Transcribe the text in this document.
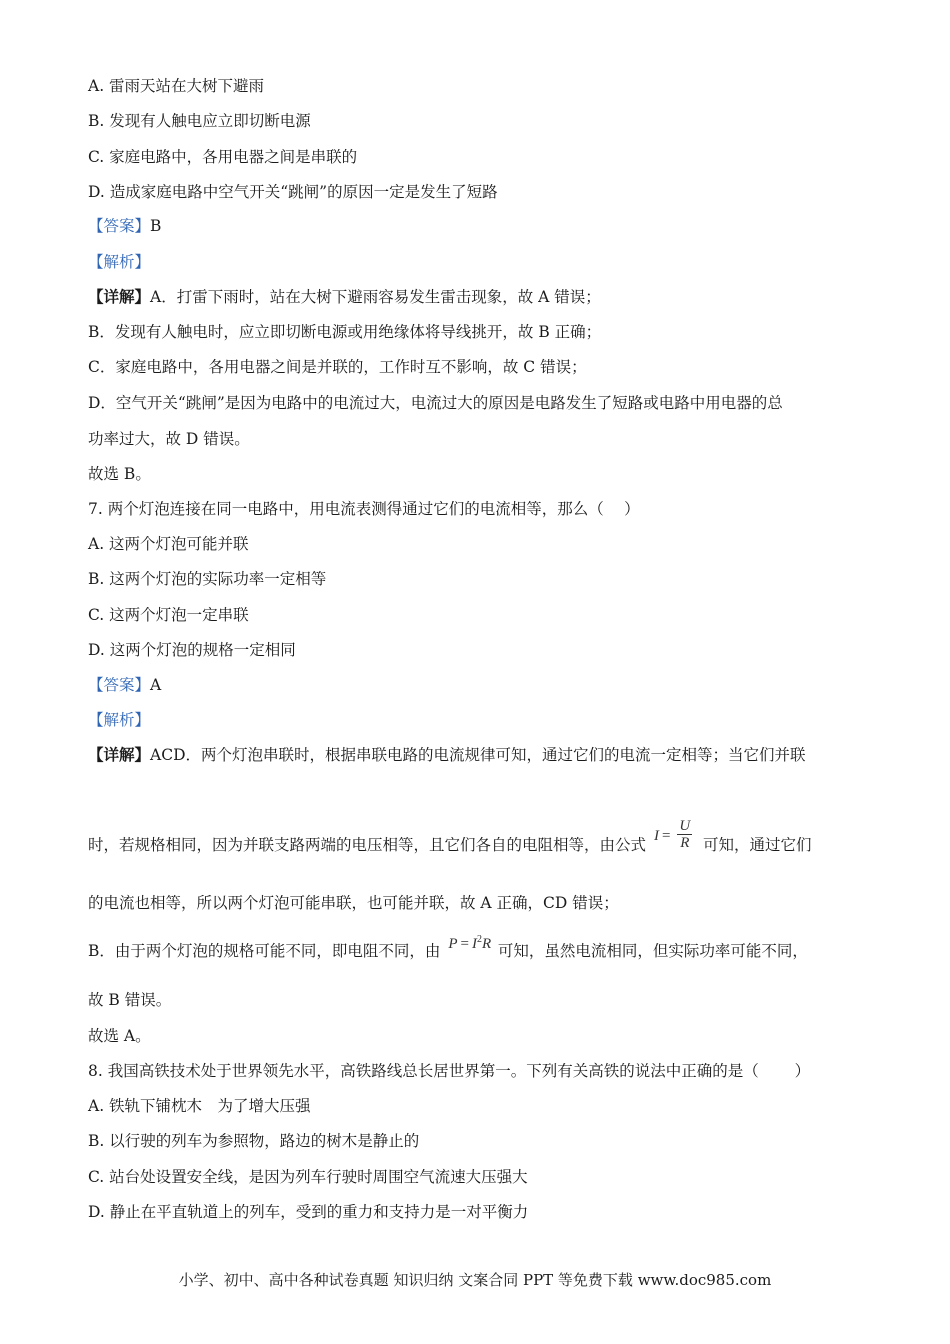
A. 雷雨天站在大树下避雨
B. 发现有人触电应立即切断电源
C. 家庭电路中，各用电器之间是串联的
D. 造成家庭电路中空气开关“跳闸”的原因一定是发生了短路
【答案】B
【解析】
【详解】A．打雷下雨时，站在大树下避雨容易发生雷击现象，故 A 错误；
B．发现有人触电时，应立即切断电源或用绝缘体将导线挑开，故 B 正确；
C．家庭电路中，各用电器之间是并联的，工作时互不影响，故 C 错误；
D．空气开关“跳闸”是因为电路中的电流过大，电流过大的原因是电路发生了短路或电路中用电器的总
功率过大，故 D 错误。
故选 B。
7. 两个灯泡连接在同一电路中，用电流表测得通过它们的电流相等，那么（　 ）
A. 这两个灯泡可能并联
B. 这两个灯泡的实际功率一定相等
C. 这两个灯泡一定串联
D. 这两个灯泡的规格一定相同
【答案】A
【解析】
【详解】ACD．两个灯泡串联时，根据串联电路的电流规律可知，通过它们的电流一定相等；当它们并联
时，若规格相同，因为并联支路两端的电压相等，且它们各自的电阻相等，由公式 $I = \frac{U}{R}$ 可知，通过它们
的电流也相等，所以两个灯泡可能串联，也可能并联，故 A 正确，CD 错误；
B．由于两个灯泡的规格可能不同，即电阻不同，由 $P = I^2R$ 可知，虽然电流相同，但实际功率可能不同，
故 B 错误。
故选 A。
8. 我国高铁技术处于世界领先水平，高铁路线总长居世界第一。下列有关高铁的说法中正确的是（　　 ）
A. 铁轨下铺枕木　为了增大压强
B. 以行驶的列车为参照物，路边的树木是静止的
C. 站台处设置安全线，是因为列车行驶时周围空气流速大压强大
D. 静止在平直轨道上的列车，受到的重力和支持力是一对平衡力
小学、初中、高中各种试卷真题 知识归纳 文案合同 PPT 等免费下载 www.doc985.com
